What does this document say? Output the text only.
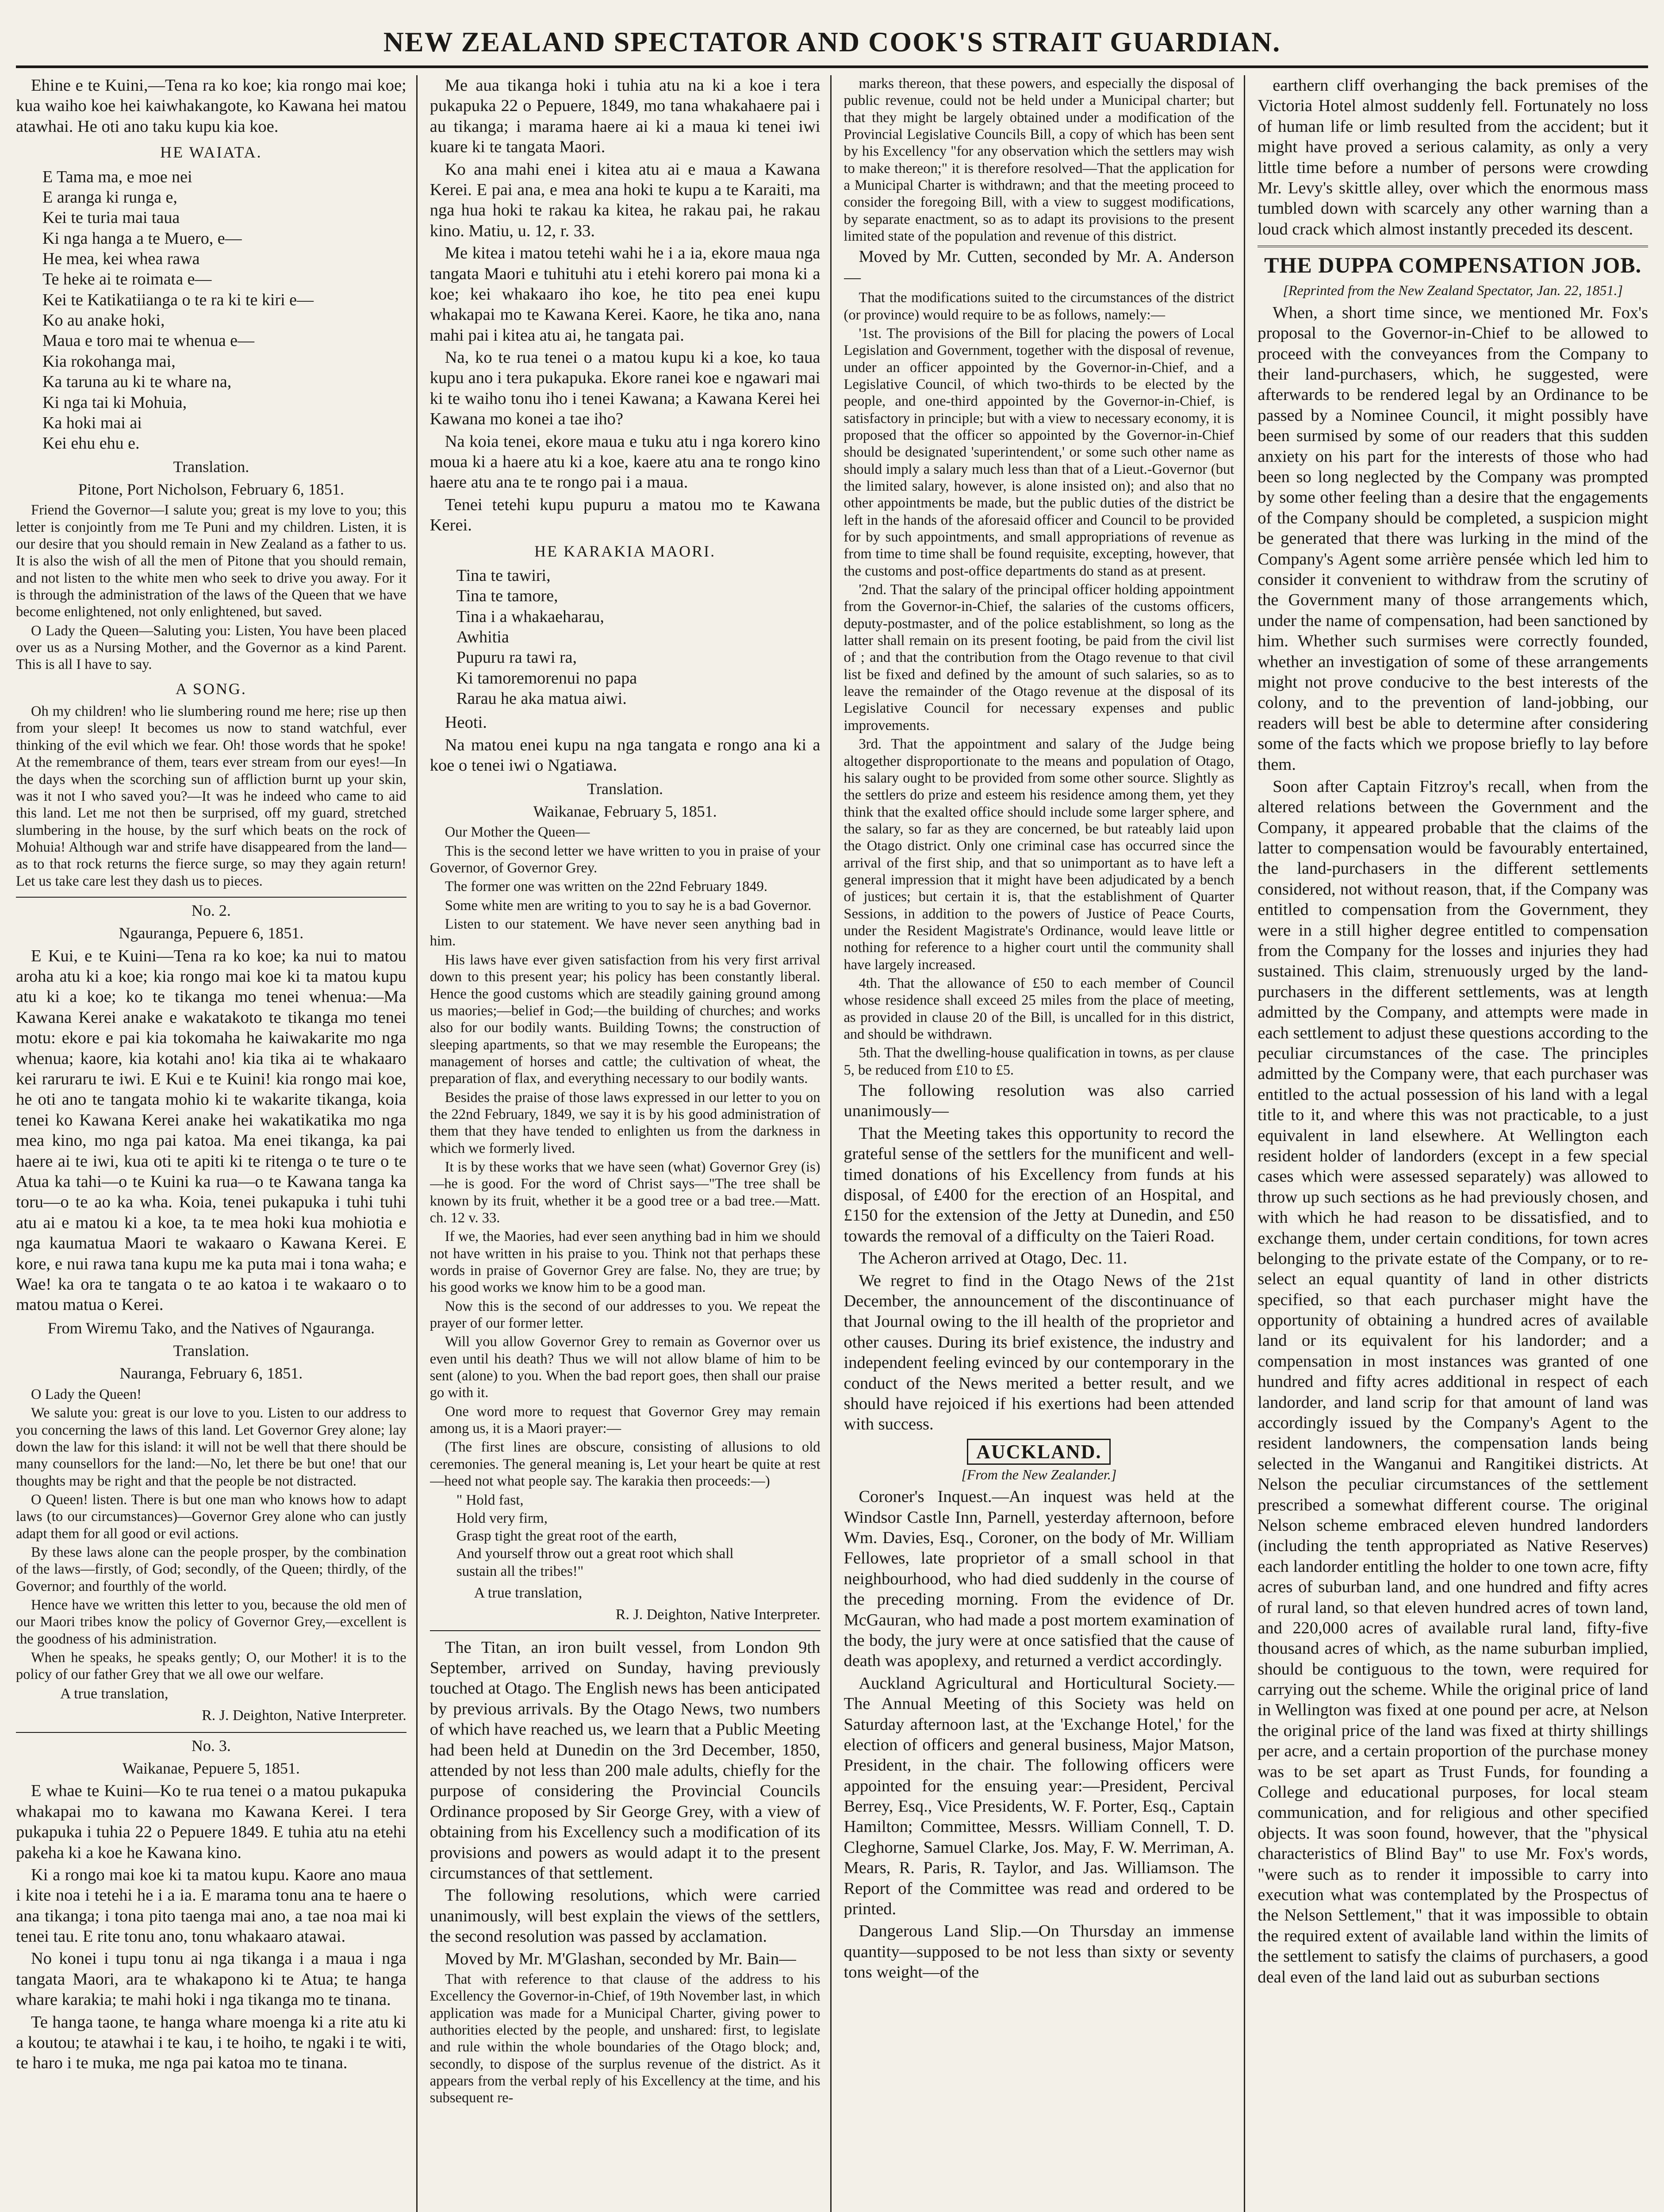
NEW ZEALAND SPECTATOR AND COOK'S STRAIT GUARDIAN.

Ehine e te Kuini,—Tena ra ko koe; kia rongo mai koe; kua waiho koe hei kaiwhakangote, ko Kawana hei matou atawhai. He oti ano taku kupu kia koe.

HE WAIATA.
E Tama ma, e moe nei
E aranga ki runga e,
Kei te turia mai taua
Ki nga hanga a te Muero, e—
He mea, kei whea rawa
Te heke ai te roimata e—
Kei te Katikatiianga o te ra ki te kiri e—
Ko au anake hoki,
Maua e toro mai te whenua e—
Kia rokohanga mai,
Ka taruna au ki te whare na,
Ki nga tai ki Mohuia,
Ka hoki mai ai
Kei ehu ehu e.
Translation.
Pitone, Port Nicholson, February 6, 1851.

Friend the Governor—I salute you; great is my love to you; this letter is conjointly from me Te Puni and my children. Listen, it is our desire that you should remain in New Zealand as a father to us. It is also the wish of all the men of Pitone that you should remain, and not listen to the white men who seek to drive you away. For it is through the administration of the laws of the Queen that we have become enlightened, not only enlightened, but saved.

O Lady the Queen—Saluting you: Listen, You have been placed over us as a Nursing Mother, and the Governor as a kind Parent. This is all I have to say.

A SONG.

Oh my children! who lie slumbering round me here; rise up then from your sleep! It becomes us now to stand watchful, ever thinking of the evil which we fear. Oh! those words that he spoke! At the remembrance of them, tears ever stream from our eyes!—In the days when the scorching sun of affliction burnt up your skin, was it not I who saved you?—It was he indeed who came to aid this land. Let me not then be surprised, off my guard, stretched slumbering in the house, by the surf which beats on the rock of Mohuia! Although war and strife have disappeared from the land—as to that rock returns the fierce surge, so may they again return! Let us take care lest they dash us to pieces.

No. 2.
Ngauranga, Pepuere 6, 1851.

E Kui, e te Kuini—Tena ra ko koe; ka nui to matou aroha atu ki a koe; kia rongo mai koe ki ta matou kupu atu ki a koe; ko te tikanga mo tenei whenua:—Ma Kawana Kerei anake e wakatakoto te tikanga mo tenei motu: ekore e pai kia tokomaha he kaiwakarite mo nga whenua; kaore, kia kotahi ano! kia tika ai te whakaaro kei raruraru te iwi. E Kui e te Kuini! kia rongo mai koe, he oti ano te tangata mohio ki te wakarite tikanga, koia tenei ko Kawana Kerei anake hei wakatikatika mo nga mea kino, mo nga pai katoa. Ma enei tikanga, ka pai haere ai te iwi, kua oti te apiti ki te ritenga o te ture o te Atua ka tahi—o te Kuini ka rua—o te Kawana tanga ka toru—o te ao ka wha. Koia, tenei pukapuka i tuhi tuhi atu ai e matou ki a koe, ta te mea hoki kua mohiotia e nga kaumatua Maori te wakaaro o Kawana Kerei. E kore, e nui rawa tana kupu me ka puta mai i tona waha; e Wae! ka ora te tangata o te ao katoa i te wakaaro o to matou matua o Kerei.

From Wiremu Tako, and the Natives of Ngauranga.
Translation.
Nauranga, February 6, 1851.

O Lady the Queen!

We salute you: great is our love to you. Listen to our address to you concerning the laws of this land. Let Governor Grey alone; lay down the law for this island: it will not be well that there should be many counsellors for the land:—No, let there be but one! that our thoughts may be right and that the people be not distracted.

O Queen! listen. There is but one man who knows how to adapt laws (to our circumstances)—Governor Grey alone who can justly adapt them for all good or evil actions.

By these laws alone can the people prosper, by the combination of the laws—firstly, of God; secondly, of the Queen; thirdly, of the Governor; and fourthly of the world.

Hence have we written this letter to you, because the old men of our Maori tribes know the policy of Governor Grey,—excellent is the goodness of his administration.

When he speaks, he speaks gently; O, our Mother! it is to the policy of our father Grey that we all owe our welfare.

A true translation,
R. J. Deighton, Native Interpreter.
No. 3.
Waikanae, Pepuere 5, 1851.

E whae te Kuini—Ko te rua tenei o a matou pukapuka whakapai mo to kawana mo Kawana Kerei. I tera pukapuka i tuhia 22 o Pepuere 1849. E tuhia atu na etehi pakeha ki a koe he Kawana kino.

Ki a rongo mai koe ki ta matou kupu. Kaore ano maua i kite noa i tetehi he i a ia. E marama tonu ana te haere o ana tikanga; i tona pito taenga mai ano, a tae noa mai ki tenei tau. E rite tonu ano, tonu whakaaro atawai.

No konei i tupu tonu ai nga tikanga i a maua i nga tangata Maori, ara te whakapono ki te Atua; te hanga whare karakia; te mahi hoki i nga tikanga mo te tinana.

Te hanga taone, te hanga whare moenga ki a rite atu ki a koutou; te atawhai i te kau, i te hoiho, te ngaki i te witi, te haro i te muka, me nga pai katoa mo te tinana.

Me aua tikanga hoki i tuhia atu na ki a koe i tera pukapuka 22 o Pepuere, 1849, mo tana whakahaere pai i au tikanga; i marama haere ai ki a maua ki tenei iwi kuare ki te tangata Maori.

Ko ana mahi enei i kitea atu ai e maua a Kawana Kerei. E pai ana, e mea ana hoki te kupu a te Karaiti, ma nga hua hoki te rakau ka kitea, he rakau pai, he rakau kino. Matiu, u. 12, r. 33.

Me kitea i matou tetehi wahi he i a ia, ekore maua nga tangata Maori e tuhituhi atu i etehi korero pai mona ki a koe; kei whakaaro iho koe, he tito pea enei kupu whakapai mo te Kawana Kerei. Kaore, he tika ano, nana mahi pai i kitea atu ai, he tangata pai.

Na, ko te rua tenei o a matou kupu ki a koe, ko taua kupu ano i tera pukapuka. Ekore ranei koe e ngawari mai ki te waiho tonu iho i tenei Kawana; a Kawana Kerei hei Kawana mo konei a tae iho?

Na koia tenei, ekore maua e tuku atu i nga korero kino moua ki a haere atu ki a koe, kaere atu ana te rongo kino haere atu ana te te rongo pai i a maua.

Tenei tetehi kupu pupuru a matou mo te Kawana Kerei.

HE KARAKIA MAORI.
Tina te tawiri,
Tina te tamore,
Tina i a whakaeharau,
Awhitia
Pupuru ra tawi ra,
Ki tamoremorenui no papa
Rarau he aka matua aiwi.

Heoti.

Na matou enei kupu na nga tangata e rongo ana ki a koe o tenei iwi o Ngatiawa.

Translation.
Waikanae, February 5, 1851.

Our Mother the Queen—

This is the second letter we have written to you in praise of your Governor, of Governor Grey.

The former one was written on the 22nd February 1849.

Some white men are writing to you to say he is a bad Governor.

Listen to our statement. We have never seen anything bad in him.

His laws have ever given satisfaction from his very first arrival down to this present year; his policy has been constantly liberal. Hence the good customs which are steadily gaining ground among us maories;—belief in God;—the building of churches; and works also for our bodily wants. Building Towns; the construction of sleeping apartments, so that we may resemble the Europeans; the management of horses and cattle; the cultivation of wheat, the preparation of flax, and everything necessary to our bodily wants.

Besides the praise of those laws expressed in our letter to you on the 22nd February, 1849, we say it is by his good administration of them that they have tended to enlighten us from the darkness in which we formerly lived.

It is by these works that we have seen (what) Governor Grey (is)—he is good. For the word of Christ says—"The tree shall be known by its fruit, whether it be a good tree or a bad tree.—Matt. ch. 12 v. 33.

If we, the Maories, had ever seen anything bad in him we should not have written in his praise to you. Think not that perhaps these words in praise of Governor Grey are false. No, they are true; by his good works we know him to be a good man.

Now this is the second of our addresses to you. We repeat the prayer of our former letter.

Will you allow Governor Grey to remain as Governor over us even until his death? Thus we will not allow blame of him to be sent (alone) to you. When the bad report goes, then shall our praise go with it.

One word more to request that Governor Grey may remain among us, it is a Maori prayer:—

(The first lines are obscure, consisting of allusions to old ceremonies. The general meaning is, Let your heart be quite at rest—heed not what people say. The karakia then proceeds:—)

" Hold fast,
Hold very firm,
Grasp tight the great root of the earth,
And yourself throw out a great root which shall
sustain all the tribes!"
A true translation,
R. J. Deighton, Native Interpreter.

The Titan, an iron built vessel, from London 9th September, arrived on Sunday, having previously touched at Otago. The English news has been anticipated by previous arrivals. By the Otago News, two numbers of which have reached us, we learn that a Public Meeting had been held at Dunedin on the 3rd December, 1850, attended by not less than 200 male adults, chiefly for the purpose of considering the Provincial Councils Ordinance proposed by Sir George Grey, with a view of obtaining from his Excellency such a modification of its provisions and powers as would adapt it to the present circumstances of that settlement.

The following resolutions, which were carried unanimously, will best explain the views of the settlers, the second resolution was passed by acclamation.

Moved by Mr. M'Glashan, seconded by Mr. Bain—

That with reference to that clause of the address to his Excellency the Governor-in-Chief, of 19th November last, in which application was made for a Municipal Charter, giving power to authorities elected by the people, and unshared: first, to legislate and rule within the whole boundaries of the Otago block; and, secondly, to dispose of the surplus revenue of the district. As it appears from the verbal reply of his Excellency at the time, and his subsequent re-

marks thereon, that these powers, and especially the disposal of public revenue, could not be held under a Municipal charter; but that they might be largely obtained under a modification of the Provincial Legislative Councils Bill, a copy of which has been sent by his Excellency "for any observation which the settlers may wish to make thereon;" it is therefore resolved—That the application for a Municipal Charter is withdrawn; and that the meeting proceed to consider the foregoing Bill, with a view to suggest modifications, by separate enactment, so as to adapt its provisions to the present limited state of the population and revenue of this district.

Moved by Mr. Cutten, seconded by Mr. A. Anderson—

That the modifications suited to the circumstances of the district (or province) would require to be as follows, namely:—

'1st. The provisions of the Bill for placing the powers of Local Legislation and Government, together with the disposal of revenue, under an officer appointed by the Governor-in-Chief, and a Legislative Council, of which two-thirds to be elected by the people, and one-third appointed by the Governor-in-Chief, is satisfactory in principle; but with a view to necessary economy, it is proposed that the officer so appointed by the Governor-in-Chief should be designated 'superintendent,' or some such other name as should imply a salary much less than that of a Lieut.-Governor (but the limited salary, however, is alone insisted on); and also that no other appointments be made, but the public duties of the district be left in the hands of the aforesaid officer and Council to be provided for by such appointments, and small appropriations of revenue as from time to time shall be found requisite, excepting, however, that the customs and post-office departments do stand as at present.

'2nd. That the salary of the principal officer holding appointment from the Governor-in-Chief, the salaries of the customs officers, deputy-postmaster, and of the police establishment, so long as the latter shall remain on its present footing, be paid from the civil list of ; and that the contribution from the Otago revenue to that civil list be fixed and defined by the amount of such salaries, so as to leave the remainder of the Otago revenue at the disposal of its Legislative Council for necessary expenses and public improvements.

3rd. That the appointment and salary of the Judge being altogether disproportionate to the means and population of Otago, his salary ought to be provided from some other source. Slightly as the settlers do prize and esteem his residence among them, yet they think that the exalted office should include some larger sphere, and the salary, so far as they are concerned, be but rateably laid upon the Otago district. Only one criminal case has occurred since the arrival of the first ship, and that so unimportant as to have left a general impression that it might have been adjudicated by a bench of justices; but certain it is, that the establishment of Quarter Sessions, in addition to the powers of Justice of Peace Courts, under the Resident Magistrate's Ordinance, would leave little or nothing for reference to a higher court until the community shall have largely increased.

4th. That the allowance of £50 to each member of Council whose residence shall exceed 25 miles from the place of meeting, as provided in clause 20 of the Bill, is uncalled for in this district, and should be withdrawn.

5th. That the dwelling-house qualification in towns, as per clause 5, be reduced from £10 to £5.

The following resolution was also carried unanimously—

That the Meeting takes this opportunity to record the grateful sense of the settlers for the munificent and well-timed donations of his Excellency from funds at his disposal, of £400 for the erection of an Hospital, and £150 for the extension of the Jetty at Dunedin, and £50 towards the removal of a difficulty on the Taieri Road.

The Acheron arrived at Otago, Dec. 11.

We regret to find in the Otago News of the 21st December, the announcement of the discontinuance of that Journal owing to the ill health of the proprietor and other causes. During its brief existence, the industry and independent feeling evinced by our contemporary in the conduct of the News merited a better result, and we should have rejoiced if his exertions had been attended with success.

AUCKLAND.
[From the New Zealander.]

Coroner's Inquest.—An inquest was held at the Windsor Castle Inn, Parnell, yesterday afternoon, before Wm. Davies, Esq., Coroner, on the body of Mr. William Fellowes, late proprietor of a small school in that neighbourhood, who had died suddenly in the course of the preceding morning. From the evidence of Dr. McGauran, who had made a post mortem examination of the body, the jury were at once satisfied that the cause of death was apoplexy, and returned a verdict accordingly.

Auckland Agricultural and Horticultural Society.—The Annual Meeting of this Society was held on Saturday afternoon last, at the 'Exchange Hotel,' for the election of officers and general business, Major Matson, President, in the chair. The following officers were appointed for the ensuing year:—President, Percival Berrey, Esq., Vice Presidents, W. F. Porter, Esq., Captain Hamilton; Committee, Messrs. William Connell, T. D. Cleghorne, Samuel Clarke, Jos. May, F. W. Merriman, A. Mears, R. Paris, R. Taylor, and Jas. Williamson. The Report of the Committee was read and ordered to be printed.

Dangerous Land Slip.—On Thursday an immense quantity—supposed to be not less than sixty or seventy tons weight—of the

earthern cliff overhanging the back premises of the Victoria Hotel almost suddenly fell. Fortunately no loss of human life or limb resulted from the accident; but it might have proved a serious calamity, as only a very little time before a number of persons were crowding Mr. Levy's skittle alley, over which the enormous mass tumbled down with scarcely any other warning than a loud crack which almost instantly preceded its descent.

THE DUPPA COMPENSATION JOB.
[Reprinted from the New Zealand Spectator, Jan. 22, 1851.]

When, a short time since, we mentioned Mr. Fox's proposal to the Governor-in-Chief to be allowed to proceed with the conveyances from the Company to their land-purchasers, which, he suggested, were afterwards to be rendered legal by an Ordinance to be passed by a Nominee Council, it might possibly have been surmised by some of our readers that this sudden anxiety on his part for the interests of those who had been so long neglected by the Company was prompted by some other feeling than a desire that the engagements of the Company should be completed, a suspicion might be generated that there was lurking in the mind of the Company's Agent some arrière pensée which led him to consider it convenient to withdraw from the scrutiny of the Government many of those arrangements which, under the name of compensation, had been sanctioned by him. Whether such surmises were correctly founded, whether an investigation of some of these arrangements might not prove conducive to the best interests of the colony, and to the prevention of land-jobbing, our readers will best be able to determine after considering some of the facts which we propose briefly to lay before them.

Soon after Captain Fitzroy's recall, when from the altered relations between the Government and the Company, it appeared probable that the claims of the latter to compensation would be favourably entertained, the land-purchasers in the different settlements considered, not without reason, that, if the Company was entitled to compensation from the Government, they were in a still higher degree entitled to compensation from the Company for the losses and injuries they had sustained. This claim, strenuously urged by the land-purchasers in the different settlements, was at length admitted by the Company, and attempts were made in each settlement to adjust these questions according to the peculiar circumstances of the case. The principles admitted by the Company were, that each purchaser was entitled to the actual possession of his land with a legal title to it, and where this was not practicable, to a just equivalent in land elsewhere. At Wellington each resident holder of landorders (except in a few special cases which were assessed separately) was allowed to throw up such sections as he had previously chosen, and with which he had reason to be dissatisfied, and to exchange them, under certain conditions, for town acres belonging to the private estate of the Company, or to re-select an equal quantity of land in other districts specified, so that each purchaser might have the opportunity of obtaining a hundred acres of available land or its equivalent for his landorder; and a compensation in most instances was granted of one hundred and fifty acres additional in respect of each landorder, and land scrip for that amount of land was accordingly issued by the Company's Agent to the resident landowners, the compensation lands being selected in the Wanganui and Rangitikei districts. At Nelson the peculiar circumstances of the settlement prescribed a somewhat different course. The original Nelson scheme embraced eleven hundred landorders (including the tenth appropriated as Native Reserves) each landorder entitling the holder to one town acre, fifty acres of suburban land, and one hundred and fifty acres of rural land, so that eleven hundred acres of town land, and 220,000 acres of available rural land, fifty-five thousand acres of which, as the name suburban implied, should be contiguous to the town, were required for carrying out the scheme. While the original price of land in Wellington was fixed at one pound per acre, at Nelson the original price of the land was fixed at thirty shillings per acre, and a certain proportion of the purchase money was to be set apart as Trust Funds, for founding a College and educational purposes, for local steam communication, and for religious and other specified objects. It was soon found, however, that the "physical characteristics of Blind Bay" to use Mr. Fox's words, "were such as to render it impossible to carry into execution what was contemplated by the Prospectus of the Nelson Settlement," that it was impossible to obtain the required extent of available land within the limits of the settlement to satisfy the claims of purchasers, a good deal even of the land laid out as suburban sections
